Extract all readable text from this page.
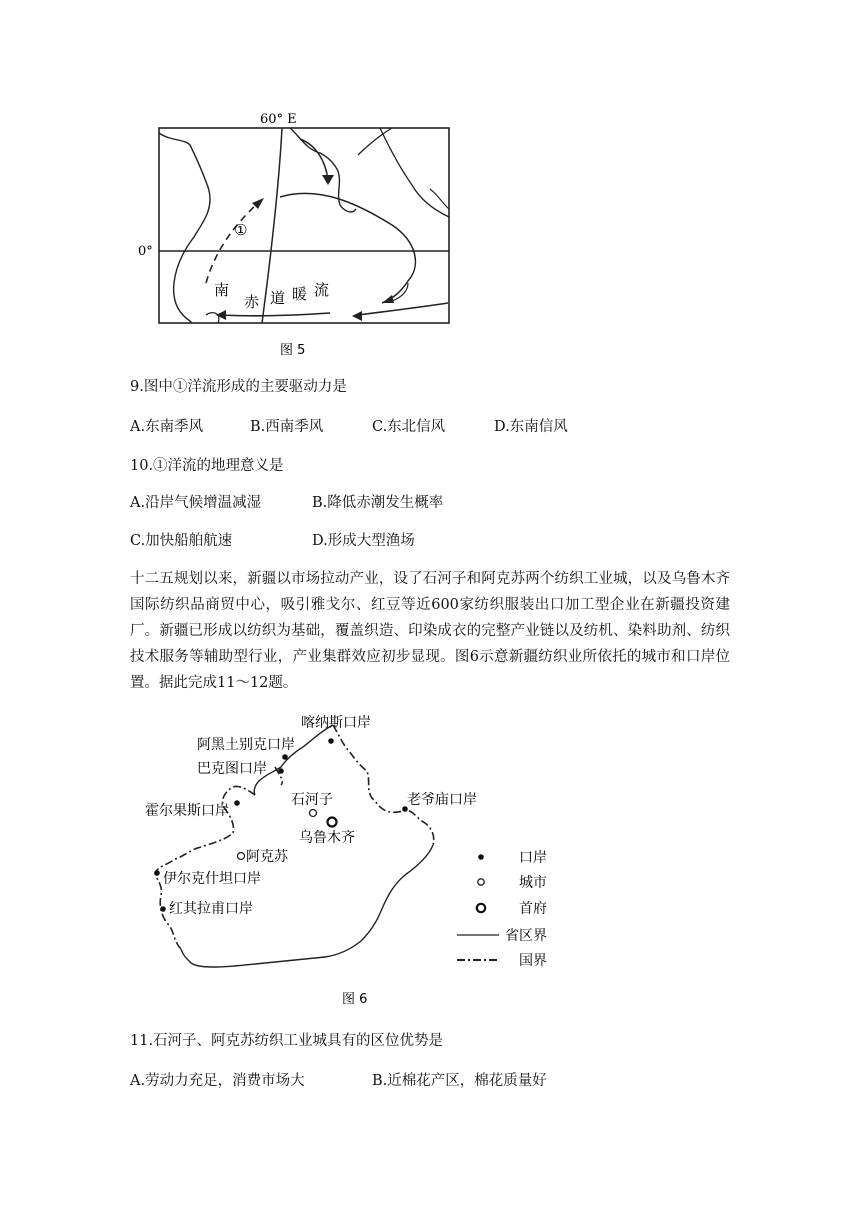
60° E
0°
①
南
赤 道 暖 流
图 5
9.图中①洋流形成的主要驱动力是
A.东南季风	B.西南季风	C.东北信风	D.东南信风
10.①洋流的地理意义是
A.沿岸气候增温减湿	B.降低赤潮发生概率
C.加快船舶航速	D.形成大型渔场
十二五规划以来，新疆以市场拉动产业，设了石河子和阿克苏两个纺织工业城，以及乌鲁木齐国际纺织品商贸中心，吸引雅戈尔、红豆等近600家纺织服装出口加工型企业在新疆投资建厂。新疆已形成以纺织为基础，覆盖织造、印染成衣的完整产业链以及纺机、染料助剂、纺织技术服务等辅助型行业，产业集群效应初步显现。图6示意新疆纺织业所依托的城市和口岸位置。据此完成11～12题。
喀纳斯口岸
阿黑土别克口岸
巴克图口岸
老爷庙口岸
石河子
乌鲁木齐
霍尔果斯口岸
阿克苏
伊尔克什坦口岸
红其拉甫口岸
口岸
城市
首府
省区界
国界
图 6
11.石河子、阿克苏纺织工业城具有的区位优势是
A.劳动力充足，消费市场大	B.近棉花产区，棉花质量好
